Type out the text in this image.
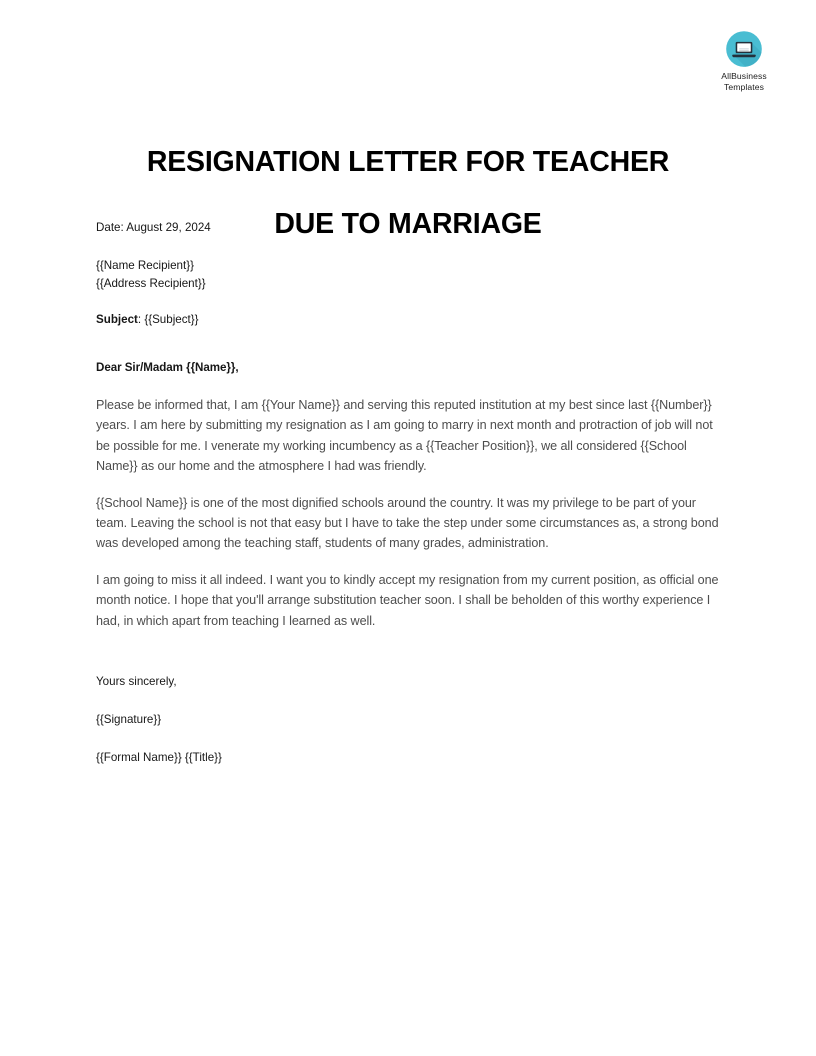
AllBusiness
Templates
RESIGNATION LETTER FOR TEACHER
DUE TO MARRIAGE
Date: August 29, 2024
{{Name Recipient}}
{{Address Recipient}}
Subject: {{Subject}}
Dear Sir/Madam {{Name}},

Please be informed that, I am {{Your Name}} and serving this reputed institution at my best since last {{Number}} years. I am here by submitting my resignation as I am going to marry in next month and protraction of job will not be possible for me. I venerate my working incumbency as a {{Teacher Position}}, we all considered {{School Name}} as our home and the atmosphere I had was friendly.

{{School Name}} is one of the most dignified schools around the country. It was my privilege to be part of your team. Leaving the school is not that easy but I have to take the step under some circumstances as, a strong bond was developed among the teaching staff, students of many grades, administration.

I am going to miss it all indeed. I want you to kindly accept my resignation from my current position, as official one month notice. I hope that you'll arrange substitution teacher soon. I shall be beholden of this worthy experience I had, in which apart from teaching I learned as well.

Yours sincerely,
{{Signature}}
{{Formal Name}} {{Title}}
